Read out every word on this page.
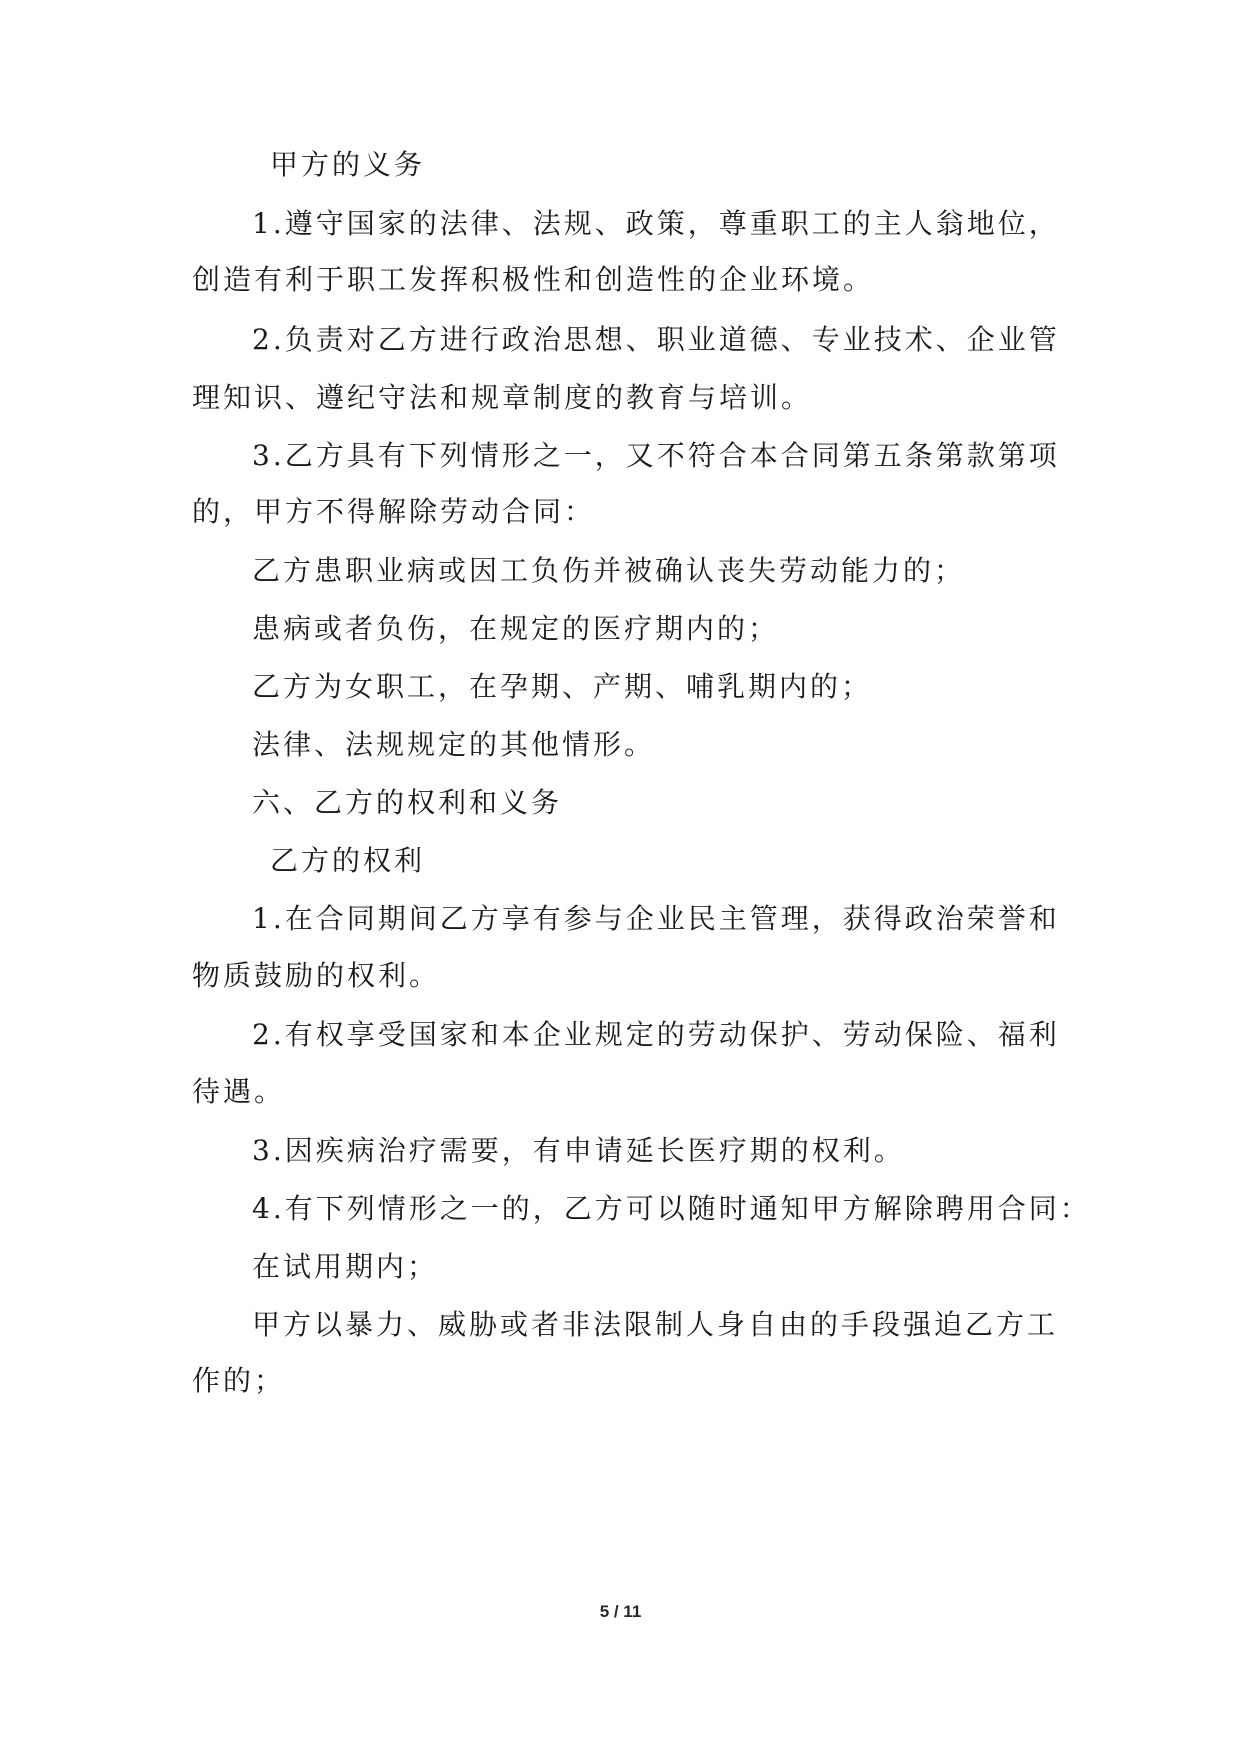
甲方的义务
1.遵守国家的法律、法规、政策，尊重职工的主人翁地位，
创造有利于职工发挥积极性和创造性的企业环境。
2.负责对乙方进行政治思想、职业道德、专业技术、企业管
理知识、遵纪守法和规章制度的教育与培训。
3.乙方具有下列情形之一，又不符合本合同第五条第款第项
的，甲方不得解除劳动合同：
乙方患职业病或因工负伤并被确认丧失劳动能力的；
患病或者负伤，在规定的医疗期内的；
乙方为女职工，在孕期、产期、哺乳期内的；
法律、法规规定的其他情形。
六、乙方的权利和义务
乙方的权利
1.在合同期间乙方享有参与企业民主管理，获得政治荣誉和
物质鼓励的权利。
2.有权享受国家和本企业规定的劳动保护、劳动保险、福利
待遇。
3.因疾病治疗需要，有申请延长医疗期的权利。
4.有下列情形之一的，乙方可以随时通知甲方解除聘用合同：
在试用期内；
甲方以暴力、威胁或者非法限制人身自由的手段强迫乙方工
作的；
5 / 11
